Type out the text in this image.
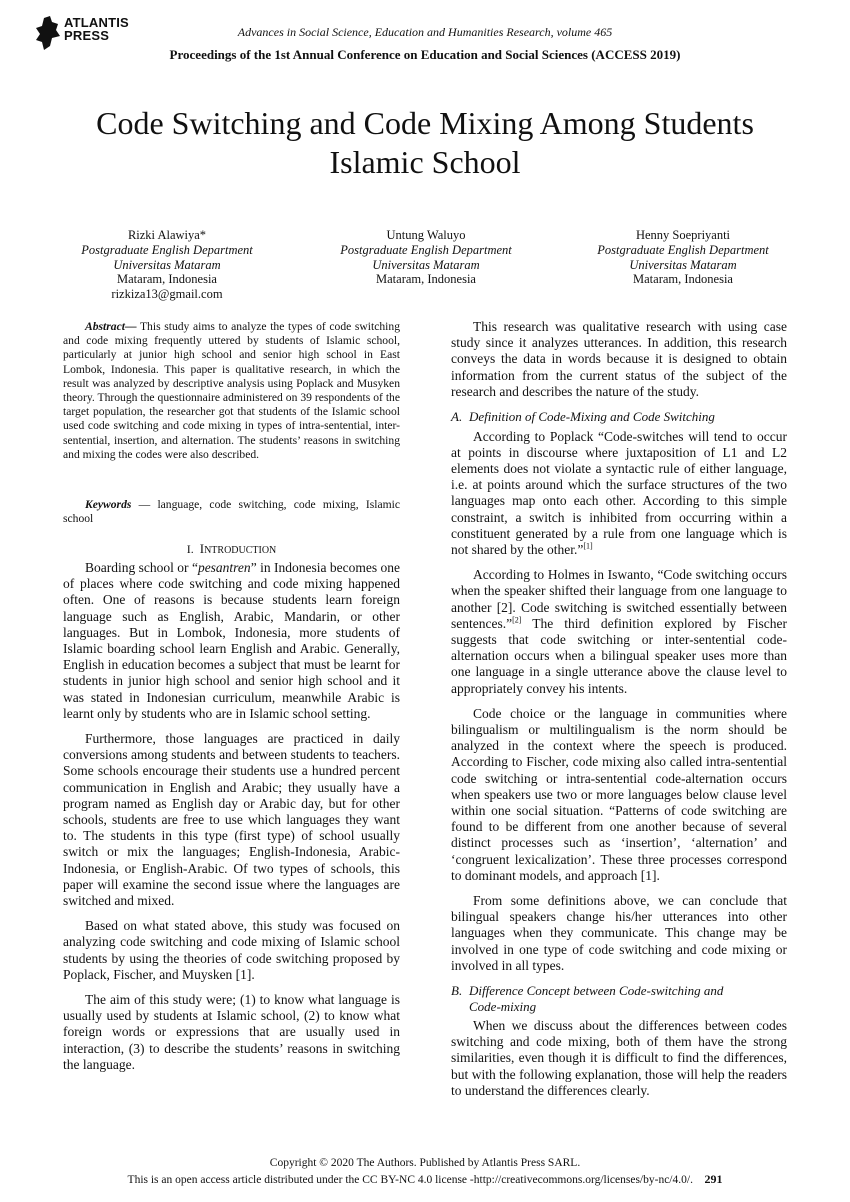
ATLANTIS
PRESS	Advances in Social Science, Education and Humanities Research, volume 465
Proceedings of the 1st Annual Conference on Education and Social Sciences (ACCESS 2019)
Code Switching and Code Mixing Among Students
Islamic School
Rizki Alawiya*
Postgraduate English Department
Universitas Mataram
Mataram, Indonesia
rizkiza13@gmail.com
Untung Waluyo
Postgraduate English Department
Universitas Mataram
Mataram, Indonesia
Henny Soepriyanti
Postgraduate English Department
Universitas Mataram
Mataram, Indonesia

Abstract— This study aims to analyze the types of code switching and code mixing frequently uttered by students of Islamic school, particularly at junior high school and senior high school in East Lombok, Indonesia. This paper is qualitative research, in which the result was analyzed by descriptive analysis using Poplack and Musyken theory. Through the questionnaire administered on 39 respondents of the target population, the researcher got that students of the Islamic school used code switching and code mixing in types of intra-sentential, inter-sentential, insertion, and alternation. The students’ reasons in switching and mixing the codes were also described.

Keywords — language, code switching, code mixing, Islamic school

I. INTRODUCTION

Boarding school or “pesantren” in Indonesia becomes one of places where code switching and code mixing happened often. One of reasons is because students learn foreign language such as English, Arabic, Mandarin, or other languages. But in Lombok, Indonesia, more students of Islamic boarding school learn English and Arabic. Generally, English in education becomes a subject that must be learnt for students in junior high school and senior high school and it was stated in Indonesian curriculum, meanwhile Arabic is learnt only by students who are in Islamic school setting.

Furthermore, those languages are practiced in daily conversions among students and between students to teachers. Some schools encourage their students use a hundred percent communication in English and Arabic; they usually have a program named as English day or Arabic day, but for other schools, students are free to use which languages they want to. The students in this type (first type) of school usually switch or mix the languages; English-Indonesia, Arabic-Indonesia, or English-Arabic. Of two types of schools, this paper will examine the second issue where the languages are switched and mixed.

Based on what stated above, this study was focused on analyzing code switching and code mixing of Islamic school students by using the theories of code switching proposed by Poplack, Fischer, and Muysken [1].

The aim of this study were; (1) to know what language is usually used by students at Islamic school, (2) to know what foreign words or expressions that are usually used in interaction, (3) to describe the students’ reasons in switching the language.

This research was qualitative research with using case study since it analyzes utterances. In addition, this research conveys the data in words because it is designed to obtain information from the current status of the subject of the research and describes the nature of the study.

A. Definition of Code-Mixing and Code Switching

According to Poplack “Code-switches will tend to occur at points in discourse where juxtaposition of L1 and L2 elements does not violate a syntactic rule of either language, i.e. at points around which the surface structures of the two languages map onto each other. According to this simple constraint, a switch is inhibited from occurring within a constituent generated by a rule from one language which is not shared by the other.”[1]

According to Holmes in Iswanto, “Code switching occurs when the speaker shifted their language from one language to another [2]. Code switching is switched essentially between sentences.”[2] The third definition explored by Fischer suggests that code switching or inter-sentential code-alternation occurs when a bilingual speaker uses more than one language in a single utterance above the clause level to appropriately convey his intents.

Code choice or the language in communities where bilingualism or multilingualism is the norm should be analyzed in the context where the speech is produced. According to Fischer, code mixing also called intra-sentential code switching or intra-sentential code-alternation occurs when speakers use two or more languages below clause level within one social situation. “Patterns of code switching are found to be different from one another because of several distinct processes such as ‘insertion’, ‘alternation’ and ‘congruent lexicalization’. These three processes correspond to dominant models, and approach [1].

From some definitions above, we can conclude that bilingual speakers change his/her utterances into other languages when they communicate. This change may be involved in one type of code switching and code mixing or involved in all types.

B. Difference Concept between Code-switching and
Code-mixing

When we discuss about the differences between codes switching and code mixing, both of them have the strong similarities, even though it is difficult to find the differences, but with the following explanation, those will help the readers to understand the differences clearly.

Copyright © 2020 The Authors. Published by Atlantis Press SARL.
This is an open access article distributed under the CC BY-NC 4.0 license -http://creativecommons.org/licenses/by-nc/4.0/. 291
